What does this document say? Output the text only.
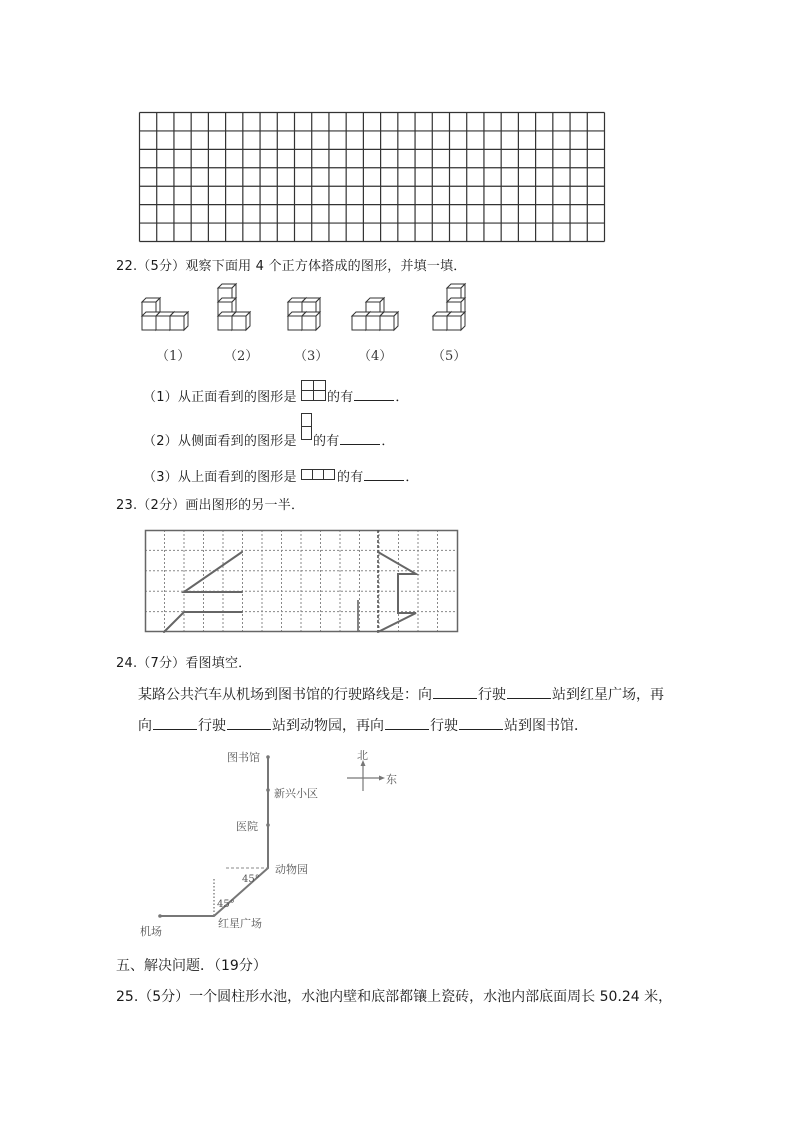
22.（5分）观察下面用 4 个正方体搭成的图形，并填一填．
（1）	（2）	（3） （4）	（5）
（1）从正面看到的图形是 的有	．
（2）从侧面看到的图形是 的有	．
（3）从上面看到的图形是	的有	．
23.（2分）画出图形的另一半．
24.（7分）看图填空．
某路公共汽车从机场到图书馆的行驶路线是：向	行驶	站到红星广场，再
向	行驶	站到动物园，再向	行驶	站到图书馆．
图书馆
新兴小区
医院
动物园
红星广场
机场
45°
45°
北
东
五、解决问题．（19分）
25.（5分）一个圆柱形水池，水池内壁和底部都镶上瓷砖，水池内部底面周长 50.24 米，
